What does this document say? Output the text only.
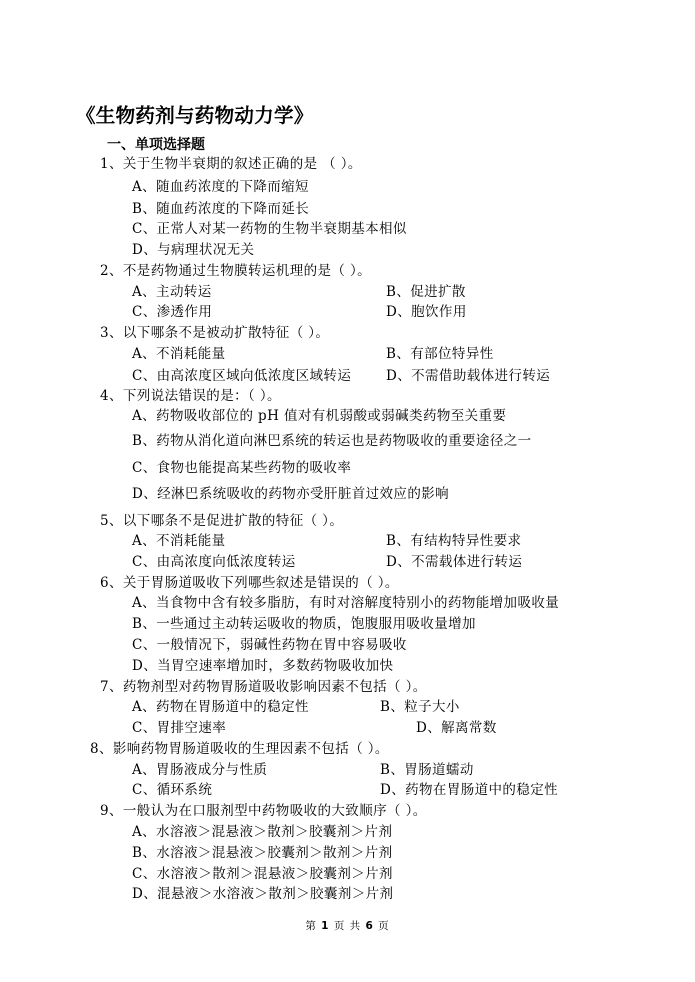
《生物药剂与药物动力学》
一、单项选择题
1、关于生物半衰期的叙述正确的是 （ ）。
A、随血药浓度的下降而缩短
B、随血药浓度的下降而延长
C、正常人对某一药物的生物半衰期基本相似
D、与病理状况无关
2、不是药物通过生物膜转运机理的是（ ）。
A、主动转运	B、促进扩散
C、渗透作用	D、胞饮作用
3、以下哪条不是被动扩散特征（ ）。
A、不消耗能量	B、有部位特异性
C、由高浓度区域向低浓度区域转运	D、不需借助载体进行转运
4、下列说法错误的是：（ ）。
A、药物吸收部位的 pH 值对有机弱酸或弱碱类药物至关重要
B、药物从消化道向淋巴系统的转运也是药物吸收的重要途径之一
C、食物也能提高某些药物的吸收率
D、经淋巴系统吸收的药物亦受肝脏首过效应的影响
5、以下哪条不是促进扩散的特征（ ）。
A、不消耗能量	B、有结构特异性要求
C、由高浓度向低浓度转运	D、不需载体进行转运
6、关于胃肠道吸收下列哪些叙述是错误的（ ）。
A、当食物中含有较多脂肪，有时对溶解度特别小的药物能增加吸收量
B、一些通过主动转运吸收的物质，饱腹服用吸收量增加
C、一般情况下，弱碱性药物在胃中容易吸收
D、当胃空速率增加时，多数药物吸收加快
7、药物剂型对药物胃肠道吸收影响因素不包括（ ）。
A、药物在胃肠道中的稳定性	B、粒子大小
C、胃排空速率	D、解离常数
8、影响药物胃肠道吸收的生理因素不包括（ ）。
A、胃肠液成分与性质	B、胃肠道蠕动
C、循环系统	D、药物在胃肠道中的稳定性
9、一般认为在口服剂型中药物吸收的大致顺序（ ）。
A、水溶液＞混悬液＞散剂＞胶囊剂＞片剂
B、水溶液＞混悬液＞胶囊剂＞散剂＞片剂
C、水溶液＞散剂＞混悬液＞胶囊剂＞片剂
D、混悬液＞水溶液＞散剂＞胶囊剂＞片剂
第 1 页 共 6 页
